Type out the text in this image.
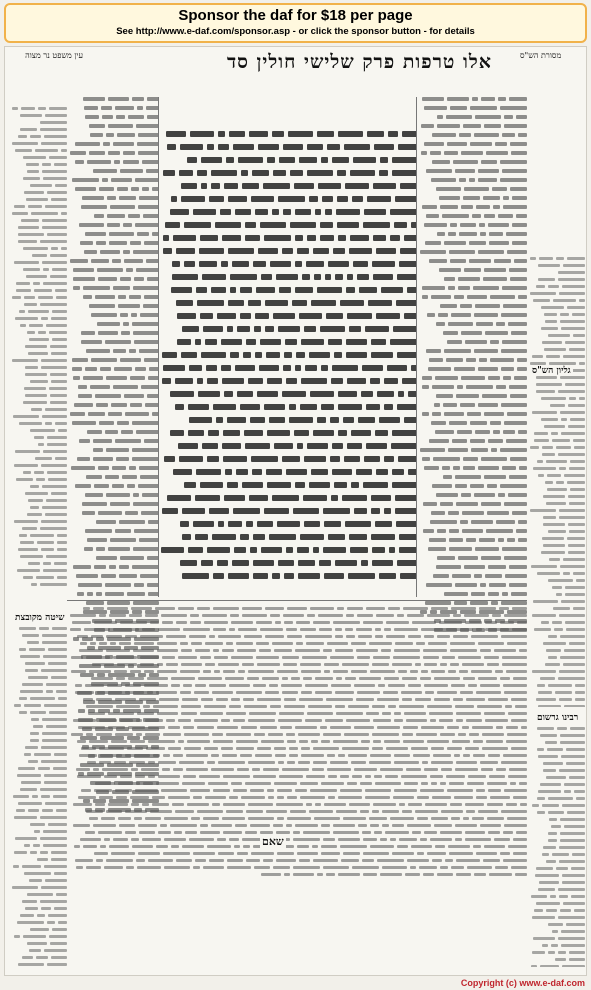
Sponsor the daf for $18 per page
See http://www.e-daf.com/sponsor.asp - or click the sponsor button - for details
אלו טרפות פרק שלישי חולין סד
עין משפט נר מצוה	מסורת הש"ס
רבינו גרשום
שיטה מקובצת
שאם
גליון הש"ס
Copyright (c) www.e-daf.com
